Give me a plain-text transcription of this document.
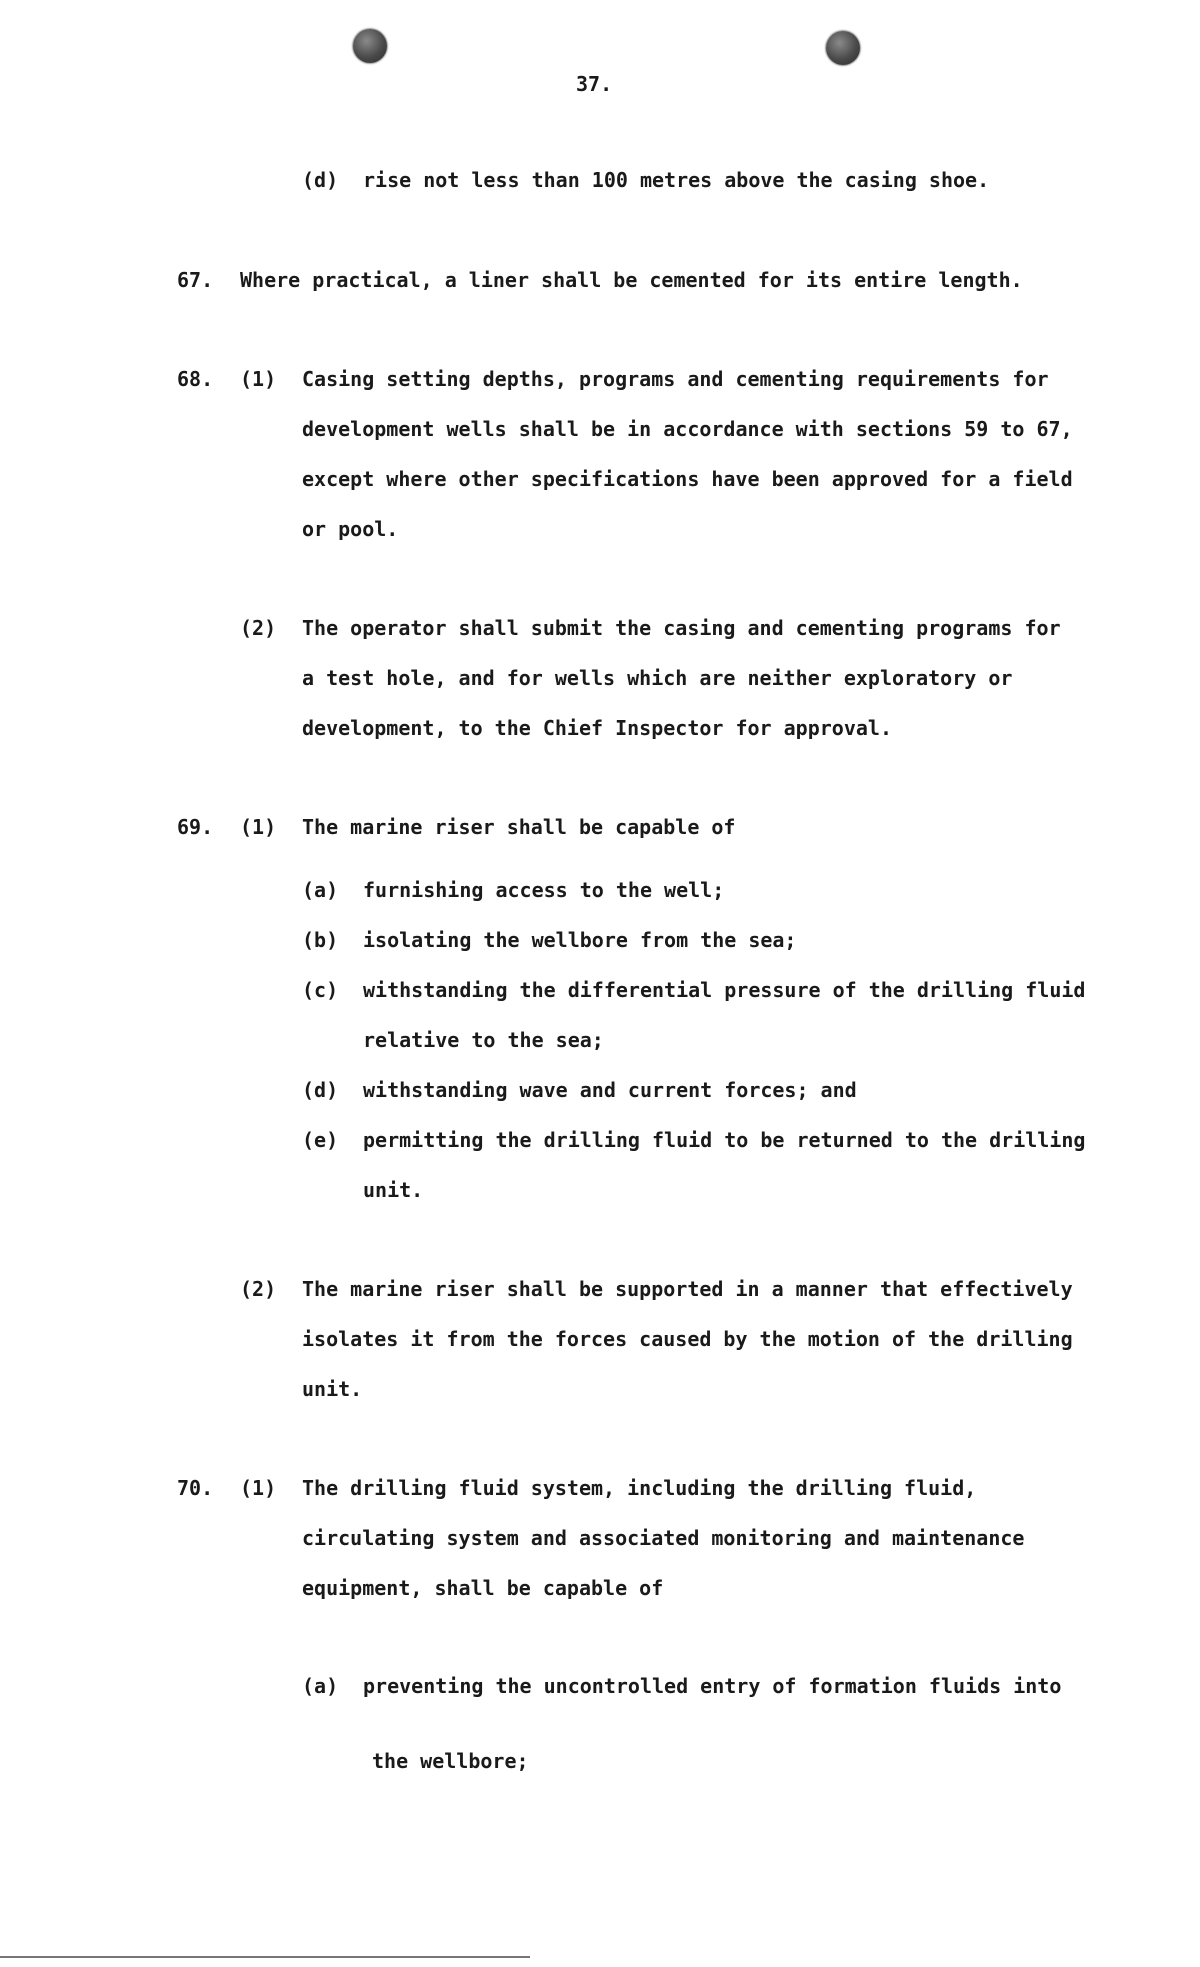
37.
(d) rise not less than 100 metres above the casing shoe.
67. Where practical, a liner shall be cemented for its entire length.
68. (1) Casing setting depths, programs and cementing requirements for
development wells shall be in accordance with sections 59 to 67,
except where other specifications have been approved for a field
or pool.
(2) The operator shall submit the casing and cementing programs for
a test hole, and for wells which are neither exploratory or
development, to the Chief Inspector for approval.
69. (1) The marine riser shall be capable of
(a) furnishing access to the well;
(b) isolating the wellbore from the sea;
(c) withstanding the differential pressure of the drilling fluid
relative to the sea;
(d) withstanding wave and current forces; and
(e) permitting the drilling fluid to be returned to the drilling
unit.
(2) The marine riser shall be supported in a manner that effectively
isolates it from the forces caused by the motion of the drilling
unit.
70. (1) The drilling fluid system, including the drilling fluid,
circulating system and associated monitoring and maintenance
equipment, shall be capable of
(a) preventing the uncontrolled entry of formation fluids into
the wellbore;
